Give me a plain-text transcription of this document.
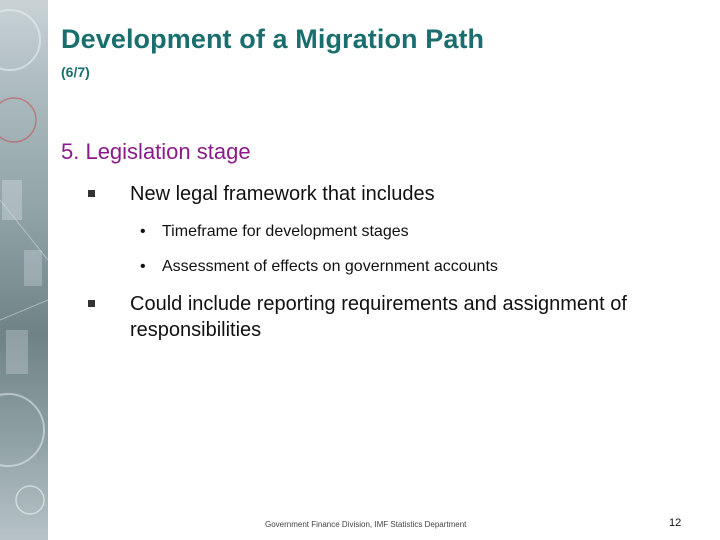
Development of a Migration Path
(6/7)
5. Legislation stage
New legal framework that includes
• Timeframe for development stages
• Assessment of effects on government accounts
Could include reporting requirements and assignment of responsibilities
Government Finance Division, IMF Statistics Department	12
